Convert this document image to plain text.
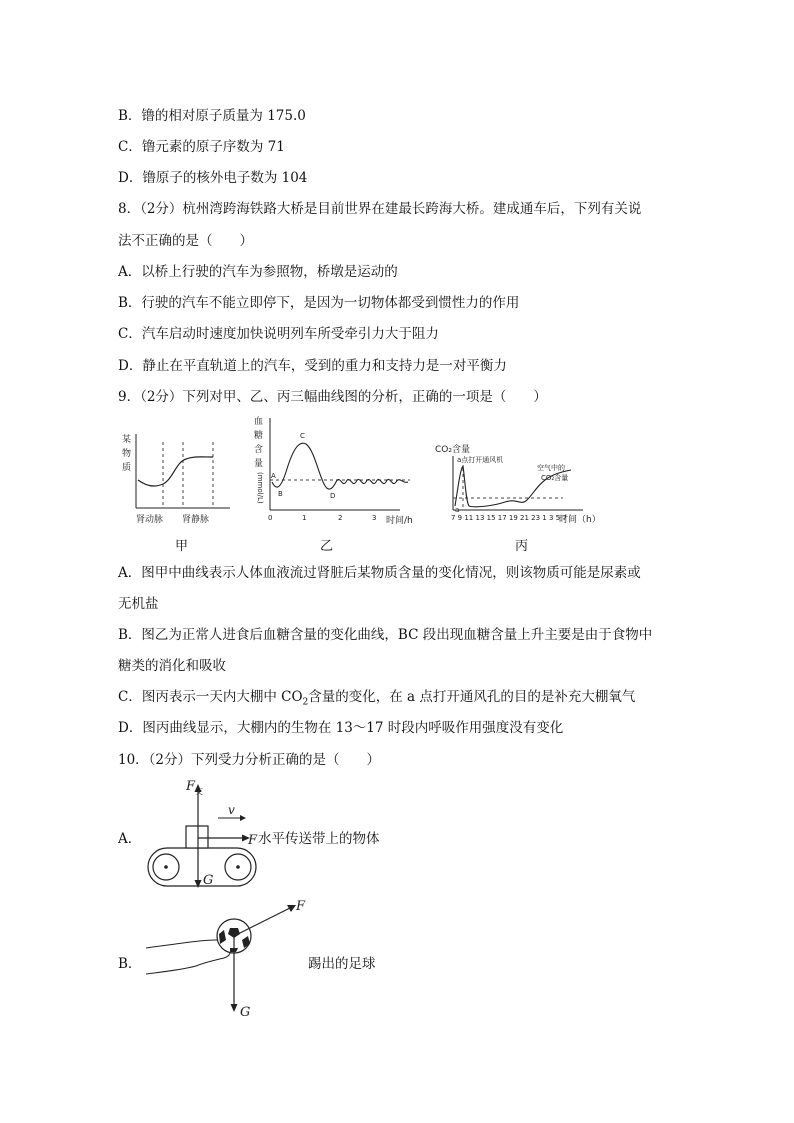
B．镥的相对原子质量为 175.0
C．镥元素的原子序数为 71
D．镥原子的核外电子数为 104
8．（2分）杭州湾跨海铁路大桥是目前世界在建最长跨海大桥。建成通车后，下列有关说
法不正确的是（　　）
A．以桥上行驶的汽车为参照物，桥墩是运动的
B．行驶的汽车不能立即停下，是因为一切物体都受到惯性力的作用
C．汽车启动时速度加快说明列车所受牵引力大于阻力
D．静止在平直轨道上的汽车，受到的重力和支持力是一对平衡力
9．（2分）下列对甲、乙、丙三幅曲线图的分析，正确的一项是（　　）
某
物
质
肾动脉 肾静脉
甲
血
糖
含
量
(mmol/L) A
B
C
D
0	1	2	3 时间/h
乙
CO₂含量
a点打开通风机
空气中的
CO₂含量
a
7 9 11 13 15 17 19 21 23 1 3 5 7
时间（h）
丙
A．图甲中曲线表示人体血液流过肾脏后某物质含量的变化情况，则该物质可能是尿素或
无机盐
B．图乙为正常人进食后血糖含量的变化曲线，BC 段出现血糖含量上升主要是由于食物中
糖类的消化和吸收
C．图丙表示一天内大棚中 $CO_2$含量的变化，在 a 点打开通风孔的目的是补充大棚氧气
D．图丙曲线显示，大棚内的生物在 13～17 时段内呼吸作用强度没有变化
10．（2分）下列受力分析正确的是（　　）
A．
F 支
v
F
G
水平传送带上的物体
B．
F
G
踢出的足球
